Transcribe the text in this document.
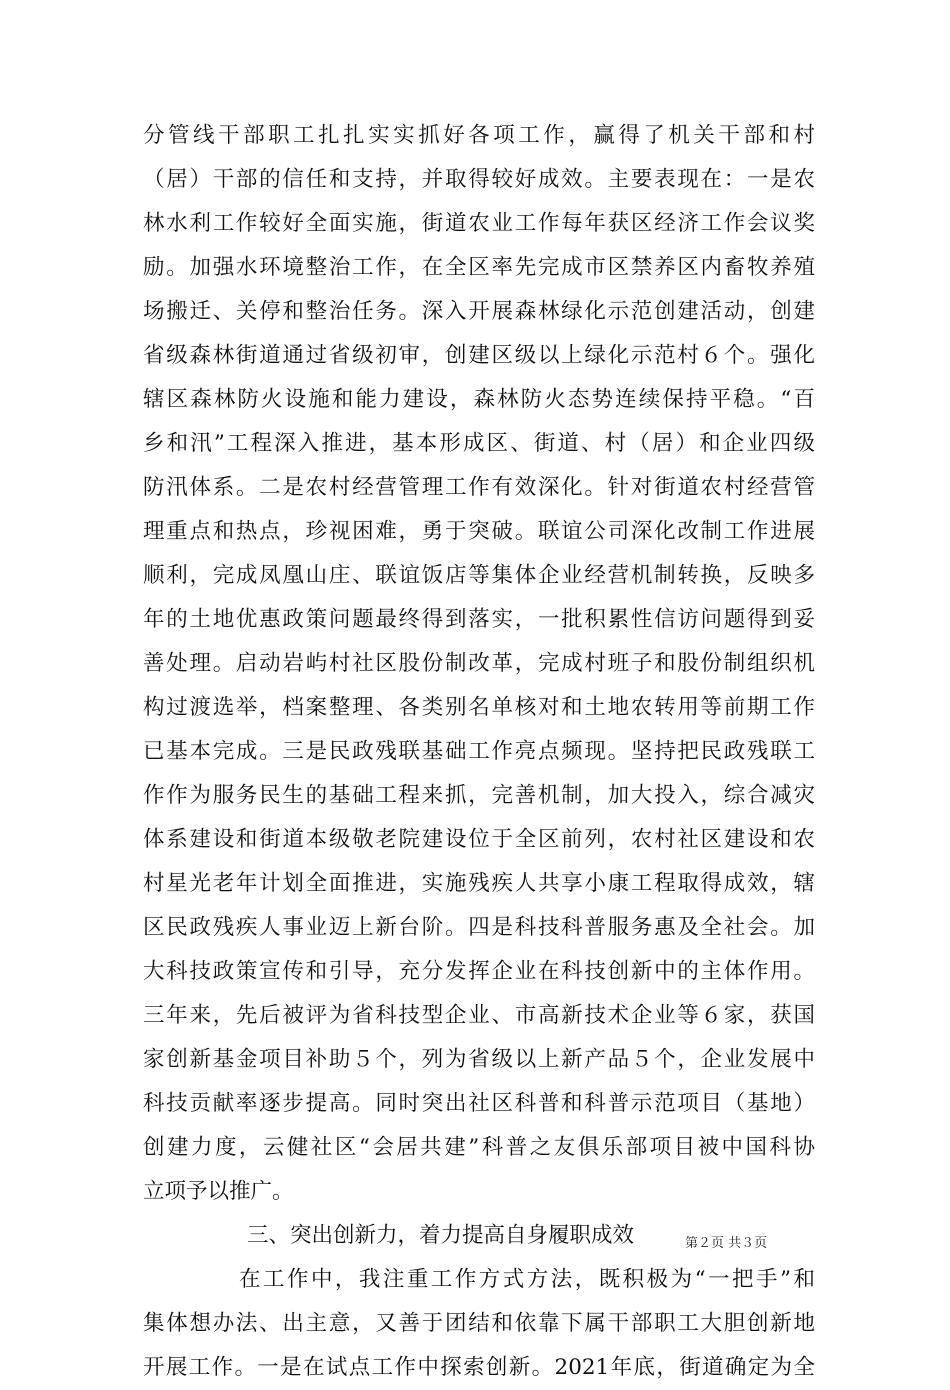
分管线干部职工扎扎实实抓好各项工作，赢得了机关干部和村
（居）干部的信任和支持，并取得较好成效。主要表现在：一是农
林水利工作较好全面实施，街道农业工作每年获区经济工作会议奖
励。加强水环境整治工作，在全区率先完成市区禁养区内畜牧养殖
场搬迁、关停和整治任务。深入开展森林绿化示范创建活动，创建
省级森林街道通过省级初审，创建区级以上绿化示范村６个。强化
辖区森林防火设施和能力建设，森林防火态势连续保持平稳。“百
乡和汛”工程深入推进，基本形成区、街道、村（居）和企业四级
防汛体系。二是农村经营管理工作有效深化。针对街道农村经营管
理重点和热点，珍视困难，勇于突破。联谊公司深化改制工作进展
顺利，完成凤凰山庄、联谊饭店等集体企业经营机制转换，反映多
年的土地优惠政策问题最终得到落实，一批积累性信访问题得到妥
善处理。启动岩屿村社区股份制改革，完成村班子和股份制组织机
构过渡选举，档案整理、各类别名单核对和土地农转用等前期工作
已基本完成。三是民政残联基础工作亮点频现。坚持把民政残联工
作作为服务民生的基础工程来抓，完善机制，加大投入，综合减灾
体系建设和街道本级敬老院建设位于全区前列，农村社区建设和农
村星光老年计划全面推进，实施残疾人共享小康工程取得成效，辖
区民政残疾人事业迈上新台阶。四是科技科普服务惠及全社会。加
大科技政策宣传和引导，充分发挥企业在科技创新中的主体作用。
三年来，先后被评为省科技型企业、市高新技术企业等６家，获国
家创新基金项目补助５个，列为省级以上新产品５个，企业发展中
科技贡献率逐步提高。同时突出社区科普和科普示范项目（基地）
创建力度，云健社区“会居共建”科普之友俱乐部项目被中国科协
立项予以推广。
三、突出创新力，着力提高自身履职成效
在工作中，我注重工作方式方法，既积极为“一把手”和
集体想办法、出主意，又善于团结和依靠下属干部职工大胆创新地
开展工作。一是在试点工作中探索创新。2021年底，街道确定为全
第２页 共３页
